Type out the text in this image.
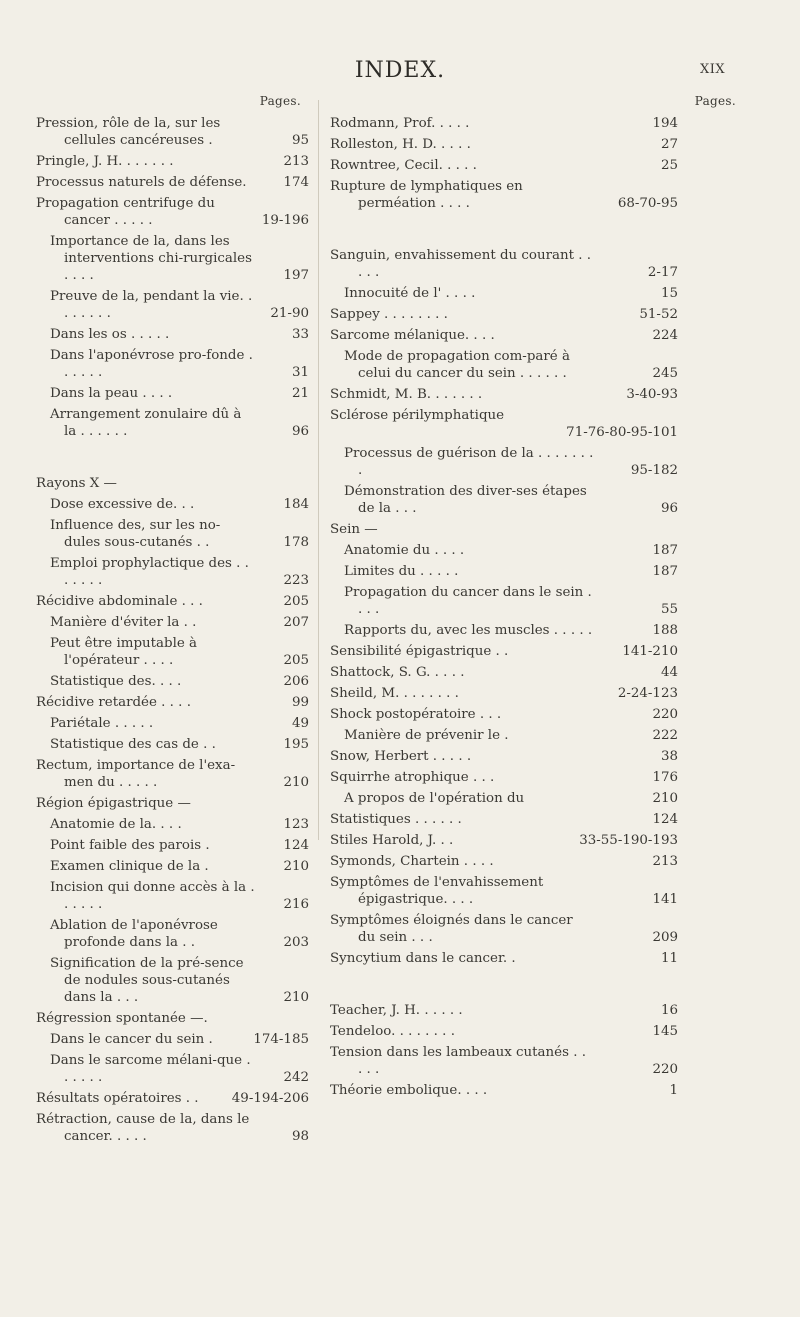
INDEX.	XIX
Pages.
Pression, rôle de la, sur les cellules cancéreuses .	95
Pringle, J. H. . . . . . .	213
Processus naturels de défense.	174
Propagation centrifuge du cancer . . . . .	19-196
Importance de la, dans les interventions chi-rurgicales . . . .	197
Preuve de la, pendant la vie. . . . . . . .	21-90
Dans les os . . . . .	33
Dans l'aponévrose pro-fonde . . . . . .	31
Dans la peau . . . .	21
Arrangement zonulaire dû à la . . . . . .	96
Rayons X —
Dose excessive de. . .	184
Influence des, sur les no-dules sous-cutanés . .	178
Emploi prophylactique des . . . . . . .	223
Récidive abdominale . . .	205
Manière d'éviter la . .	207
Peut être imputable à l'opérateur . . . .	205
Statistique des. . . .	206
Récidive retardée . . . .	99
Pariétale . . . . .	49
Statistique des cas de . .	195
Rectum, importance de l'exa-men du . . . . .	210
Région épigastrique —
Anatomie de la. . . .	123
Point faible des parois .	124
Examen clinique de la .	210
Incision qui donne accès à la . . . . . .	216
Ablation de l'aponévrose profonde dans la . .	203
Signification de la pré-sence de nodules sous-cutanés dans la . . .	210
Régression spontanée —.
Dans le cancer du sein .	174-185
Dans le sarcome mélani-que . . . . . .	242
Résultats opératoires . .	49-194-206
Rétraction, cause de la, dans le cancer. . . . .	98
Pages.
Rodmann, Prof. . . . .	194
Rolleston, H. D. . . . .	27
Rowntree, Cecil. . . . .	25
Rupture de lymphatiques en perméation . . . .	68-70-95
Sanguin, envahissement du courant . . . . .	2-17
Innocuité de l' . . . .	15
Sappey . . . . . . . .	51-52
Sarcome mélanique. . . .	224
Mode de propagation com-paré à celui du cancer du sein . . . . . .	245
Schmidt, M. B. . . . . . .	3-40-93
Sclérose périlymphatique
71-76-80-95-101
Processus de guérison de la . . . . . . . .	95-182
Démonstration des diver-ses étapes de la . . .	96
Sein —
Anatomie du . . . .	187
Limites du . . . . .	187
Propagation du cancer dans le sein . . . .	55
Rapports du, avec les muscles . . . . .	188
Sensibilité épigastrique . .	141-210
Shattock, S. G. . . . .	44
Sheild, M. . . . . . . .	2-24-123
Shock postopératoire . . .	220
Manière de prévenir le .	222
Snow, Herbert . . . . .	38
Squirrhe atrophique . . .	176
A propos de l'opération du	210
Statistiques . . . . . .	124
Stiles Harold, J. . .	33-55-190-193
Symonds, Chartein . . . .	213
Symptômes de l'envahissement épigastrique. . . .	141
Symptômes éloignés dans le cancer du sein . . .	209
Syncytium dans le cancer. .	11
Teacher, J. H. . . . . .	16
Tendeloo. . . . . . . .	145
Tension dans les lambeaux cutanés . . . . .	220
Théorie embolique. . . .	1
